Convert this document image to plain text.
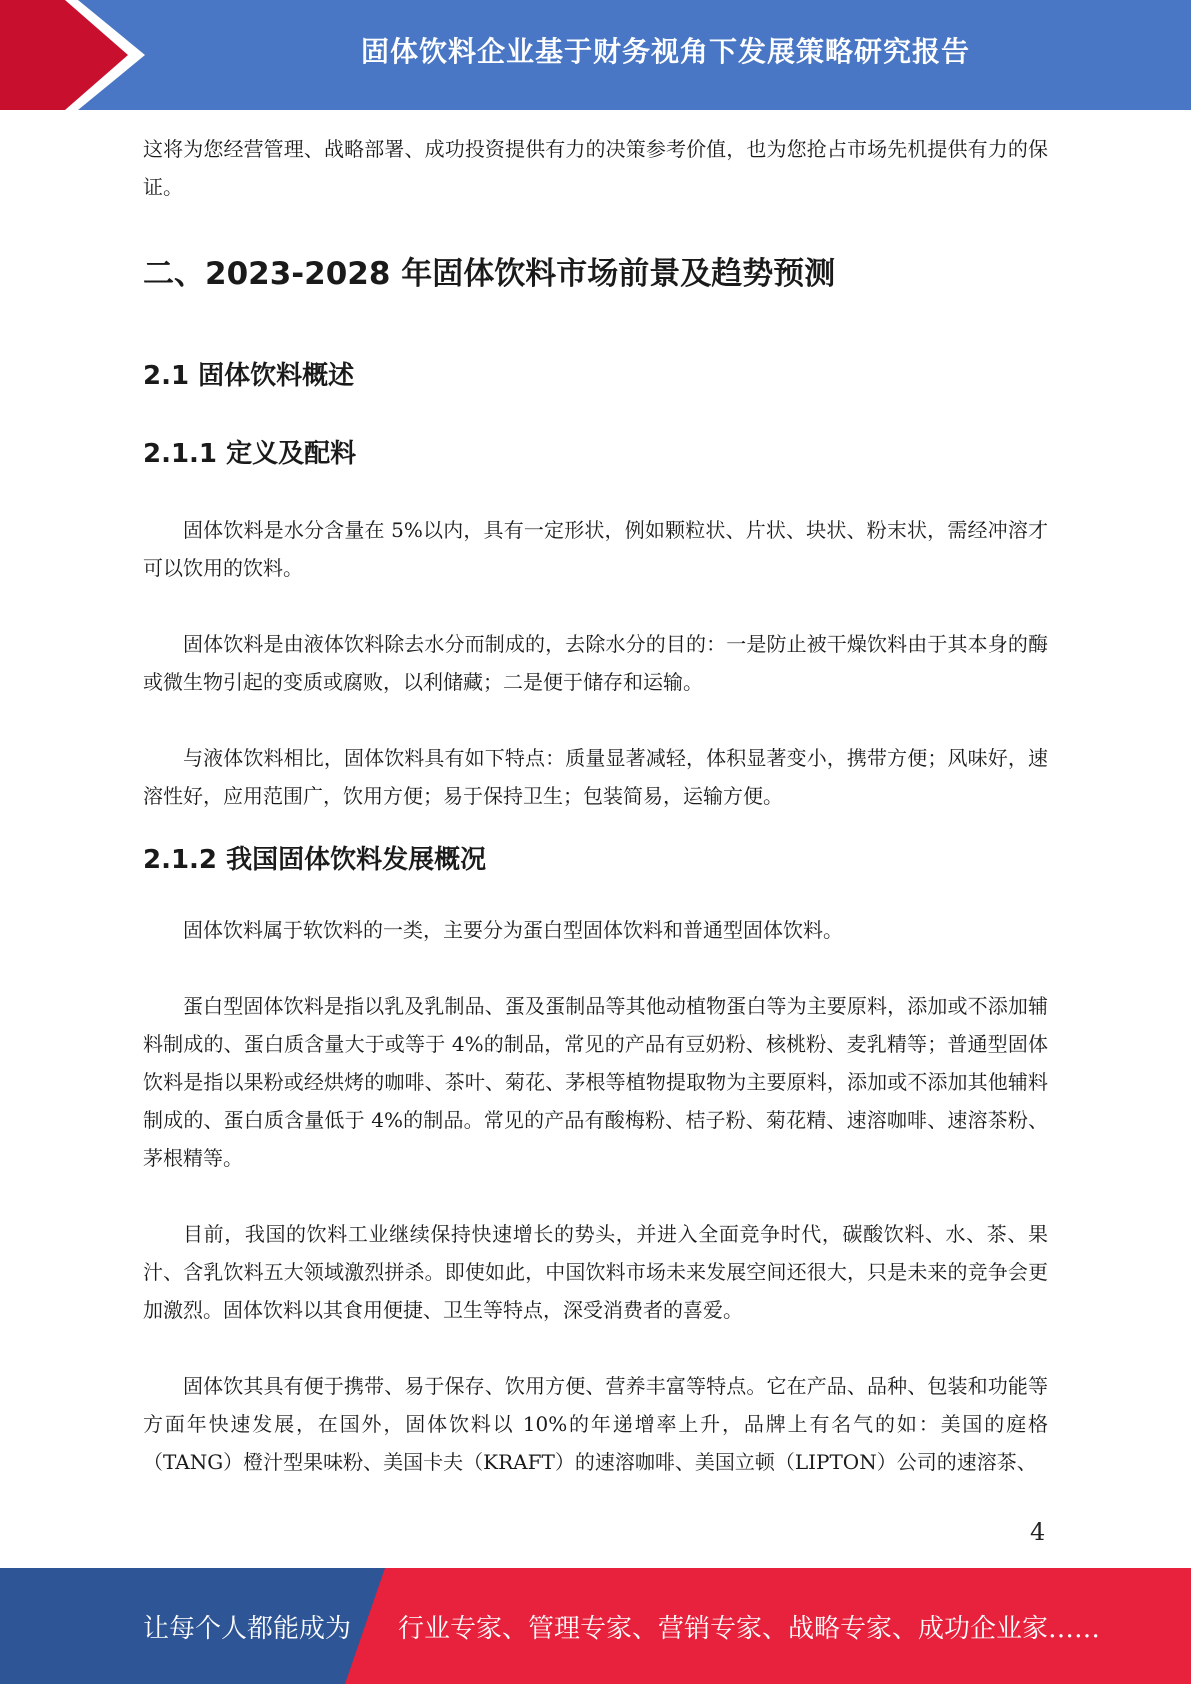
固体饮料企业基于财务视角下发展策略研究报告

这将为您经营管理、战略部署、成功投资提供有力的决策参考价值，也为您抢占市场先机提供有力的保证。

二、2023-2028 年固体饮料市场前景及趋势预测
2.1 固体饮料概述
2.1.1 定义及配料

固体饮料是水分含量在 5%以内，具有一定形状，例如颗粒状、片状、块状、粉末状，需经冲溶才可以饮用的饮料。

固体饮料是由液体饮料除去水分而制成的，去除水分的目的：一是防止被干燥饮料由于其本身的酶或微生物引起的变质或腐败，以利储藏；二是便于储存和运输。

与液体饮料相比，固体饮料具有如下特点：质量显著减轻，体积显著变小，携带方便；风味好，速溶性好，应用范围广，饮用方便；易于保持卫生；包装简易，运输方便。

2.1.2 我国固体饮料发展概况

固体饮料属于软饮料的一类，主要分为蛋白型固体饮料和普通型固体饮料。

蛋白型固体饮料是指以乳及乳制品、蛋及蛋制品等其他动植物蛋白等为主要原料，添加或不添加辅料制成的、蛋白质含量大于或等于 4%的制品，常见的产品有豆奶粉、核桃粉、麦乳精等；普通型固体饮料是指以果粉或经烘烤的咖啡、茶叶、菊花、茅根等植物提取物为主要原料，添加或不添加其他辅料制成的、蛋白质含量低于 4%的制品。常见的产品有酸梅粉、桔子粉、菊花精、速溶咖啡、速溶茶粉、茅根精等。

目前，我国的饮料工业继续保持快速增长的势头，并进入全面竞争时代，碳酸饮料、水、茶、果汁、含乳饮料五大领域激烈拼杀。即使如此，中国饮料市场未来发展空间还很大，只是未来的竞争会更加激烈。固体饮料以其食用便捷、卫生等特点，深受消费者的喜爱。

固体饮其具有便于携带、易于保存、饮用方便、营养丰富等特点。它在产品、品种、包装和功能等方面年快速发展，在国外，固体饮料以 10%的年递增率上升，品牌上有名气的如：美国的庭格（TANG）橙汁型果味粉、美国卡夫（KRAFT）的速溶咖啡、美国立顿（LIPTON）公司的速溶茶、

4
让每个人都能成为 行业专家、管理专家、营销专家、战略专家、成功企业家……
